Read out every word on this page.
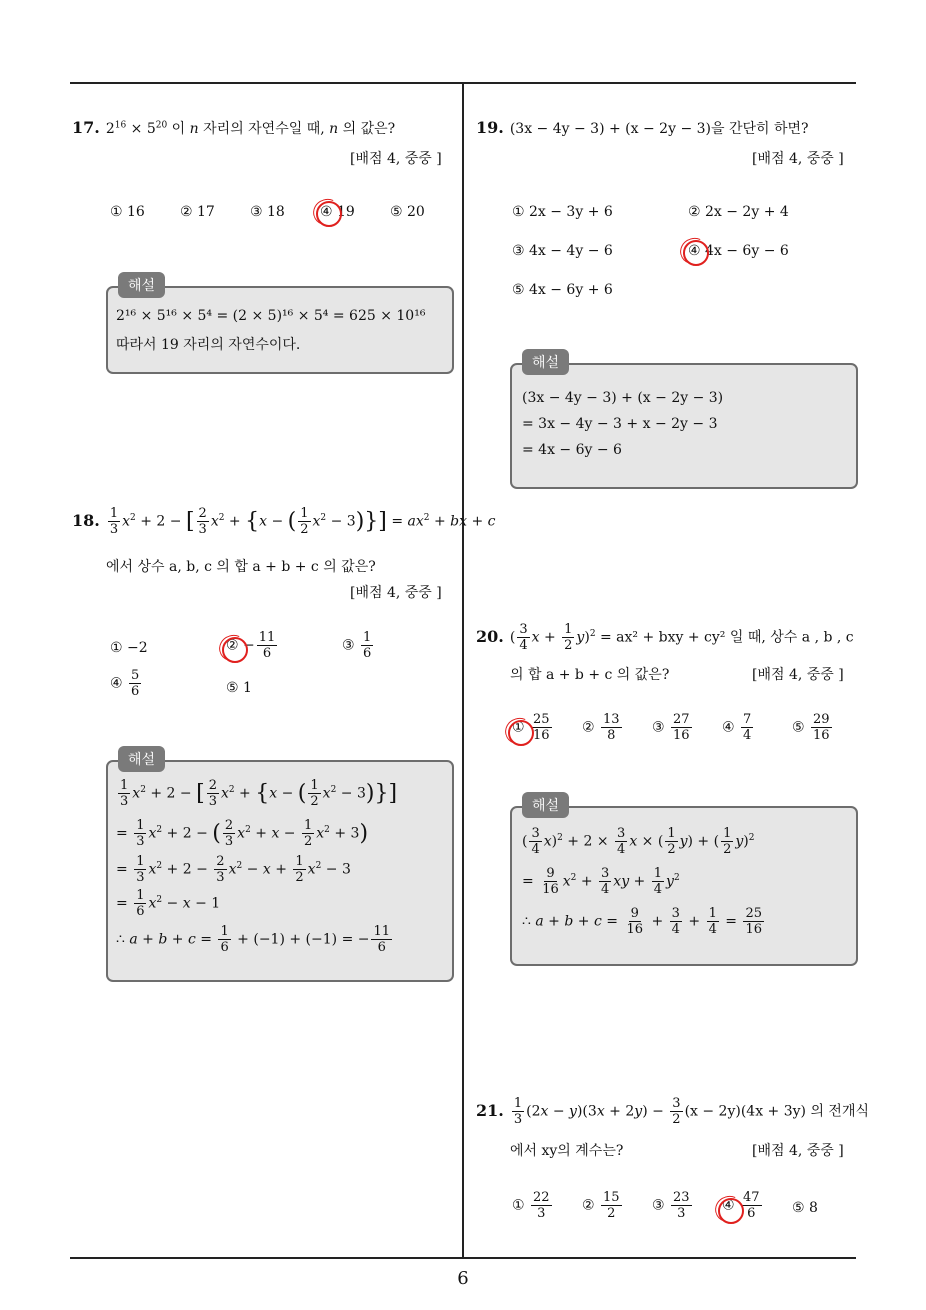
6
17. $2^{16} \times 5^{20}$ 이 n 자리의 자연수일 때, n 의 값은?
[배점 4, 중중 ]
① 16	② 17	③ 18	④ 19	⑤ 20
해설
2¹⁶ × 5¹⁶ × 5⁴ = (2 × 5)¹⁶ × 5⁴ = 625 × 10¹⁶
따라서 19 자리의 자연수이다.
18. $\frac{1}{3} x^2 + 2$ − [ $\frac{2}{3} x^2 + \{x$ − ( $\frac{1}{2} x^2 - 3)\}] = ax^2$ + bx + c
에서 상수 a, b, c 의 합 a + b + c 의 값은?
[배점 4, 중중 ]
① −2	② − $\frac{11}{6}$	③ $\frac{1}{6}$
④ $\frac{5}{6}$	⑤ 1
해설
$\frac{1}{3} x^2 + 2$ − [ $\frac{2}{3} x^2 + \{x$ − ( $\frac{1}{2} x^2 - 3$)}]
= $\frac{1}{3} x^2 + 2$ − ( $\frac{2}{3} x^2 + x - \frac{1}{2} x^2 + 3$)
= $\frac{1}{3} x^2 + 2 - \frac{2}{3} x^2 - x + \frac{1}{2} x^2 - 3$
= $\frac{1}{6} x^2 - x - 1$
∴ $a + b + c = \frac{1}{6} + (-1) + (-1)$ = − $\frac{11}{6}$
19. (3x − 4y − 3) + (x − 2y − 3)을 간단히 하면?
[배점 4, 중중 ]
① 2x − 3y + 6	② 2x − 2y + 4
③ 4x − 4y − 6	④ 4x − 6y − 6
⑤ 4x − 6y + 6
해설
(3x − 4y − 3) + (x − 2y − 3)
= 3x − 4y − 3 + x − 2y − 3
= 4x − 6y − 6
20. ( $\frac{3}{4}$ $x + \frac{1}{2} y)^2 = ax^2$ + bxy + cy² 일 때, 상수 a , b , c
의 합 a + b + c 의 값은?	[배점 4, 중중 ]
① $\frac{25}{16}$ ② $\frac{13}{8}$ ③ $\frac{27}{16}$ ④ $\frac{7}{4}$	⑤ $\frac{29}{16}$
해설
( $\frac{3}{4} x)^2 + 2 \times \frac{3}{4}$ x × ( $\frac{1}{2} y$) + ( $\frac{1}{2} y)^2$
= $\frac{9}{16} x^2 + \frac{3}{4}$ xy + $\frac{1}{4} y^2$
∴ $a + b + c = \frac{9}{16} + \frac{3}{4} + \frac{1}{4} = \frac{25}{16}$
21. $\frac{1}{3} (2x - y)(3x + 2y) - \frac{3}{2} (x - 2y)(4x + 3y)$ 의 전개식
에서 xy의 계수는?	[배점 4, 중중 ]
① $\frac{22}{3}$ ② $\frac{15}{2}$ ③ $\frac{23}{3}$ ④ $\frac{47}{6}$ ⑤ 8
